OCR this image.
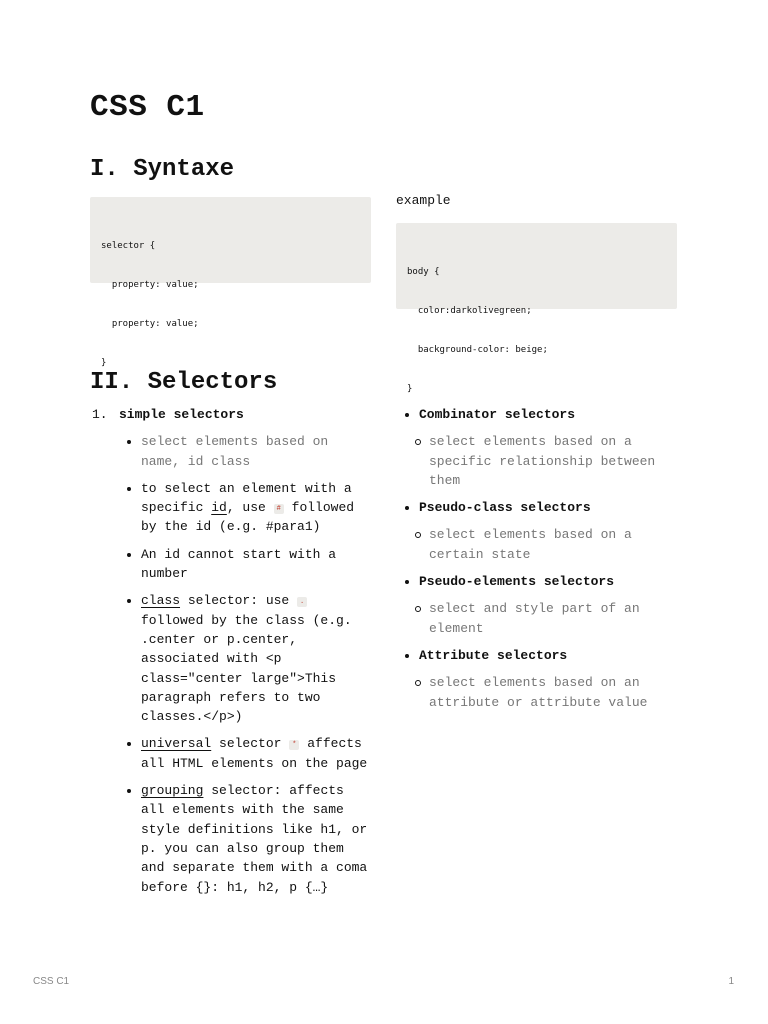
CSS C1
I. Syntaxe

selector {

property: value;

property: value;

}

example

body {

color:darkolivegreen;

background-color: beige;

}

II. Selectors
1. simple selectors
select elements based on name, id class
to select an element with a specific id, use # followed by the id (e.g. #para1)
An id cannot start with a number
class selector: use . followed by the class (e.g. .center or p.center, associated with <p class="center large">This paragraph refers to two classes.</p>)
universal selector * affects all HTML elements on the page
grouping selector: affects all elements with the same style definitions like h1, or p. you can also group them and separate them with a coma before {}: h1, h2, p {…}
Combinator selectors
select elements based on a specific relationship between them
Pseudo-class selectors
select elements based on a certain state
Pseudo-elements selectors
select and style part of an element
Attribute selectors
select elements based on an attribute or attribute value
CSS C1	1
